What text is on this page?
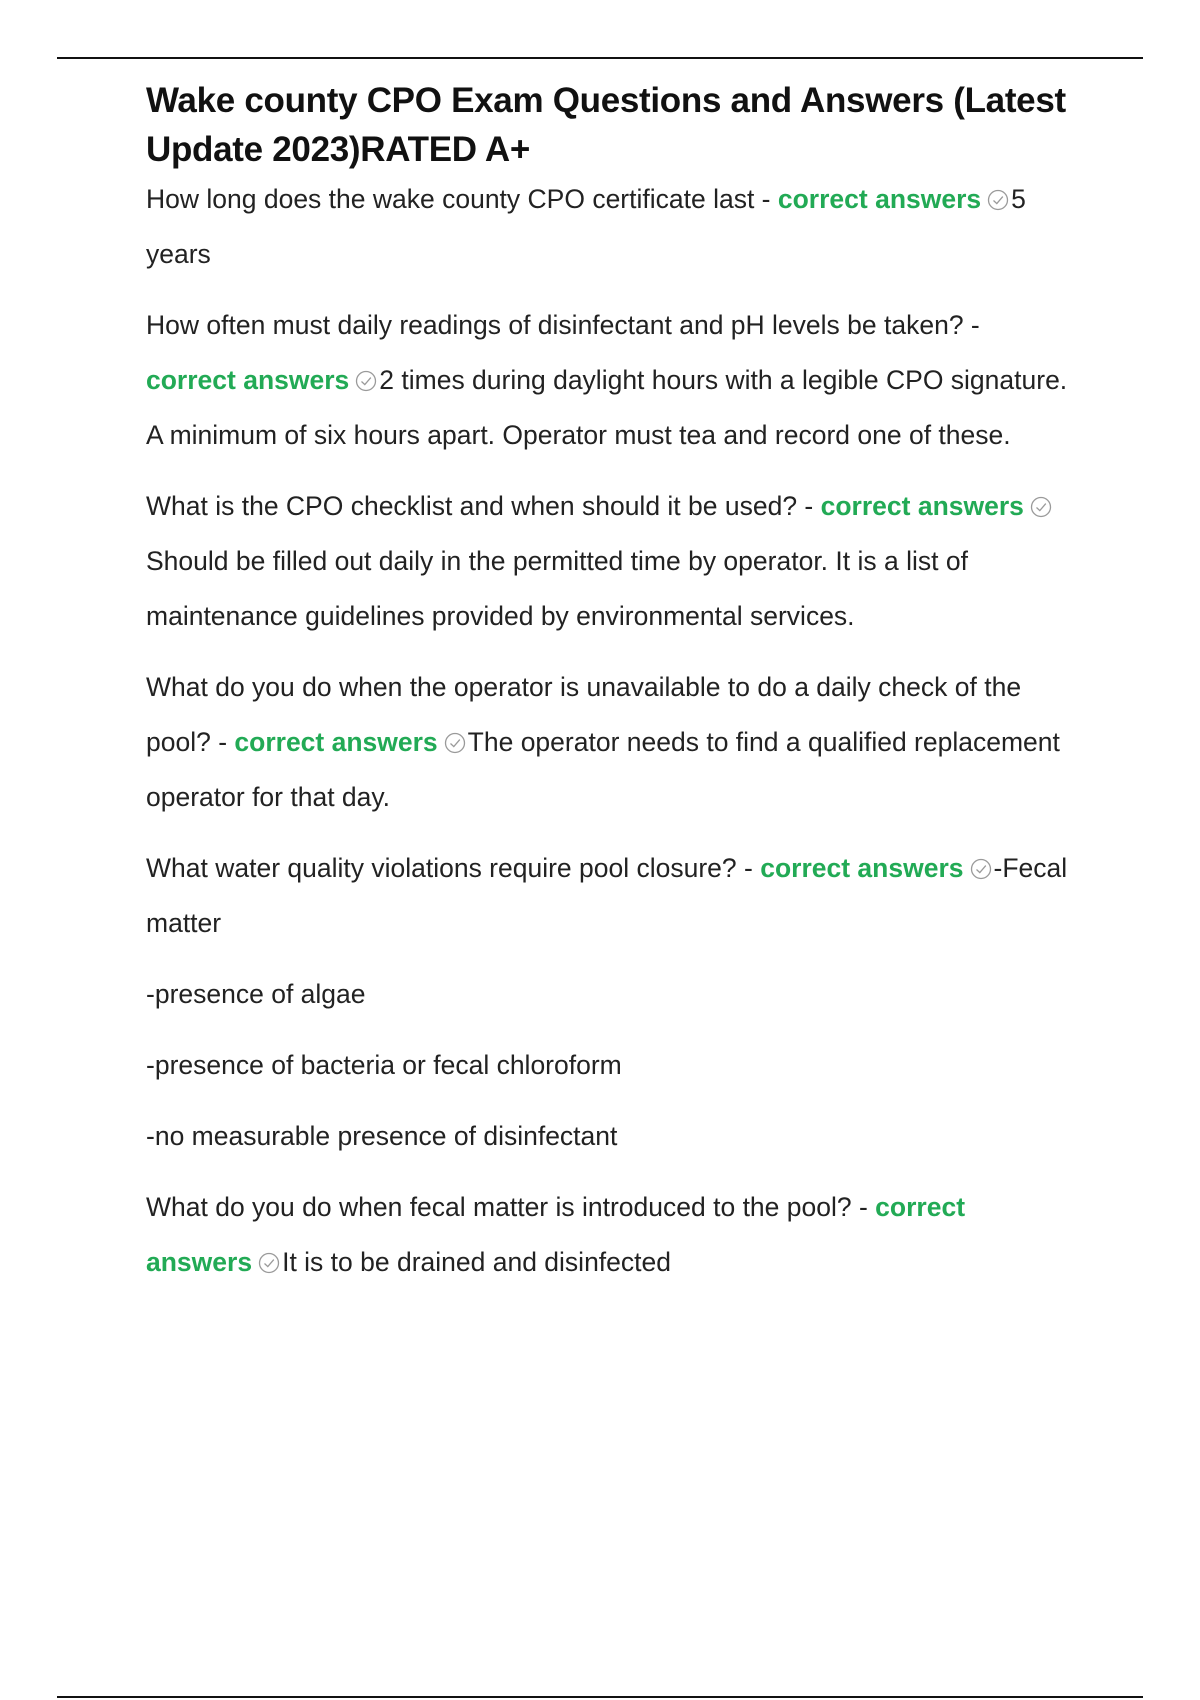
Wake county CPO Exam Questions and Answers (Latest Update 2023)RATED A+

How long does the wake county CPO certificate last - correct answers 5 years

How often must daily readings of disinfectant and pH levels be taken? - correct answers 2 times during daylight hours with a legible CPO signature. A minimum of six hours apart. Operator must tea and record one of these.

What is the CPO checklist and when should it be used? - correct answersShould be filled out daily in the permitted time by operator. It is a list of maintenance guidelines provided by environmental services.

What do you do when the operator is unavailable to do a daily check of the pool? - correct answers The operator needs to find a qualified replacement operator for that day.

What water quality violations require pool closure? - correct answers -Fecal matter

-presence of algae

-presence of bacteria or fecal chloroform

-no measurable presence of disinfectant

What do you do when fecal matter is introduced to the pool? - correct answers It is to be drained and disinfected
